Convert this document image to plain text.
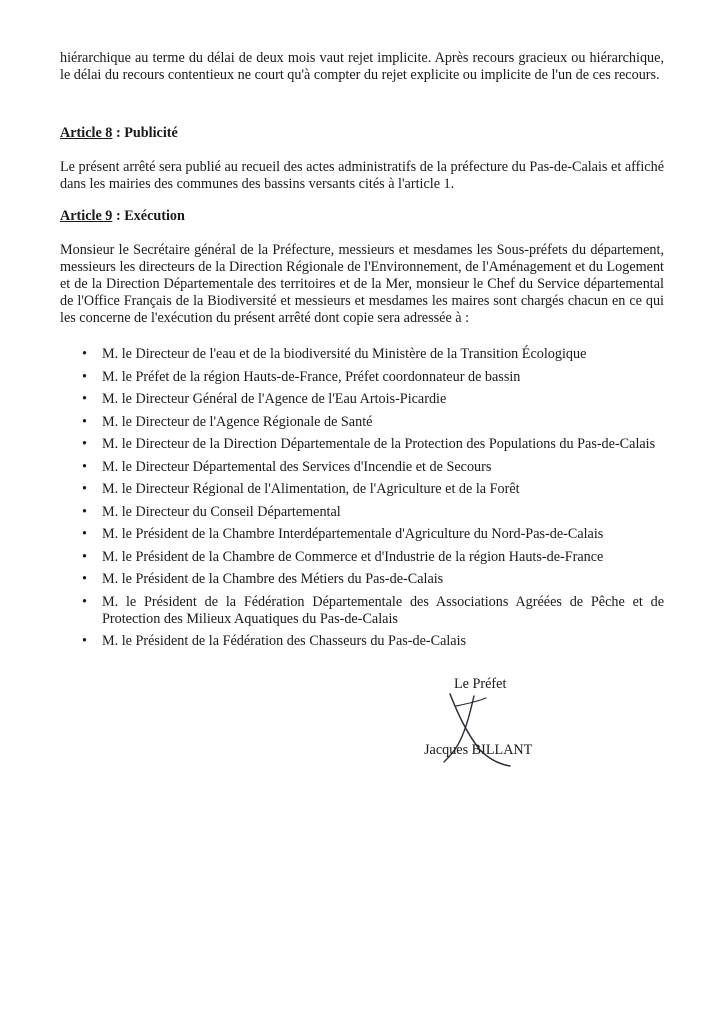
hiérarchique au terme du délai de deux mois vaut rejet implicite. Après recours gracieux ou hiérarchique, le délai du recours contentieux ne court qu'à compter du rejet explicite ou implicite de l'un de ces recours.

Article 8 : Publicité

Le présent arrêté sera publié au recueil des actes administratifs de la préfecture du Pas-de-Calais et affiché dans les mairies des communes des bassins versants cités à l'article 1.

Article 9 : Exécution

Monsieur le Secrétaire général de la Préfecture, messieurs et mesdames les Sous-préfets du département, messieurs les directeurs de la Direction Régionale de l'Environnement, de l'Aménagement et du Logement et de la Direction Départementale des territoires et de la Mer, monsieur le Chef du Service départemental de l'Office Français de la Biodiversité et messieurs et mesdames les maires sont chargés chacun en ce qui les concerne de l'exécution du présent arrêté dont copie sera adressée à :

• M. le Directeur de l'eau et de la biodiversité du Ministère de la Transition Écologique
• M. le Préfet de la région Hauts-de-France, Préfet coordonnateur de bassin
• M. le Directeur Général de l'Agence de l'Eau Artois-Picardie
• M. le Directeur de l'Agence Régionale de Santé
• M. le Directeur de la Direction Départementale de la Protection des Populations du Pas-de-Calais
• M. le Directeur Départemental des Services d'Incendie et de Secours
• M. le Directeur Régional de l'Alimentation, de l'Agriculture et de la Forêt
• M. le Directeur du Conseil Départemental
• M. le Président de la Chambre Interdépartementale d'Agriculture du Nord-Pas-de-Calais
• M. le Président de la Chambre de Commerce et d'Industrie de la région Hauts-de-France
• M. le Président de la Chambre des Métiers du Pas-de-Calais
• M. le Président de la Fédération Départementale des Associations Agréées de Pêche et de Protection des Milieux Aquatiques du Pas-de-Calais
• M. le Président de la Fédération des Chasseurs du Pas-de-Calais

Le Préfet

Jacques BILLANT
